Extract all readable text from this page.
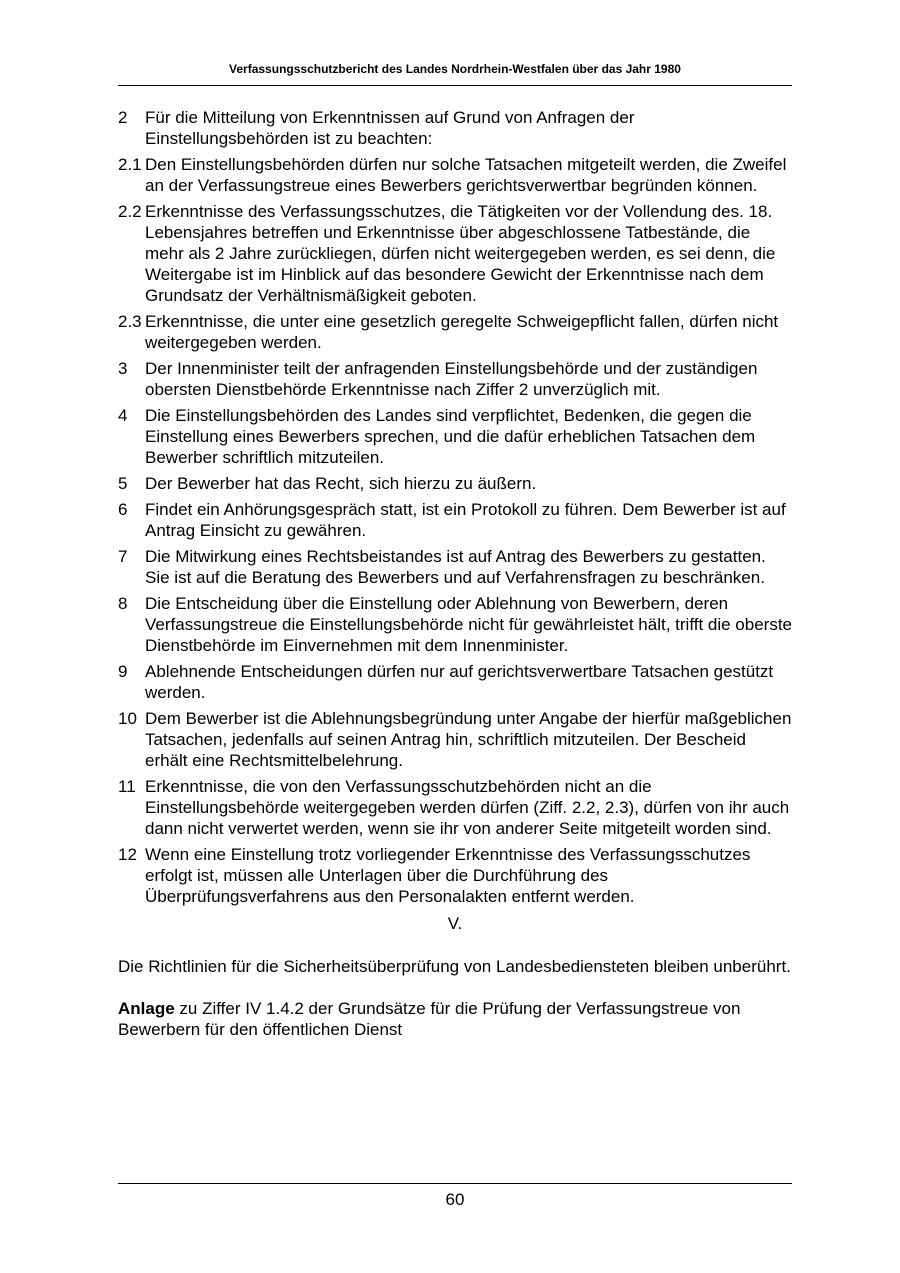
Verfassungsschutzbericht des Landes Nordrhein-Westfalen über das Jahr 1980
2	Für die Mitteilung von Erkenntnissen auf Grund von Anfragen der Einstellungsbehörden ist zu beachten:
2.1 Den Einstellungsbehörden dürfen nur solche Tatsachen mitgeteilt werden, die Zweifel an der Verfassungstreue eines Bewerbers gerichtsverwertbar begründen können.
2.2 Erkenntnisse des Verfassungsschutzes, die Tätigkeiten vor der Vollendung des. 18. Lebensjahres betreffen und Erkenntnisse über abgeschlossene Tatbestände, die mehr als 2 Jahre zurückliegen, dürfen nicht weitergegeben werden, es sei denn, die Weitergabe ist im Hinblick auf das besondere Gewicht der Erkenntnisse nach dem Grundsatz der Verhältnismäßigkeit geboten.
2.3 Erkenntnisse, die unter eine gesetzlich geregelte Schweigepflicht fallen, dürfen nicht weitergegeben werden.
3	Der Innenminister teilt der anfragenden Einstellungsbehörde und der zuständigen obersten Dienstbehörde Erkenntnisse nach Ziffer 2 unverzüglich mit.
4	Die Einstellungsbehörden des Landes sind verpflichtet, Bedenken, die gegen die Einstellung eines Bewerbers sprechen, und die dafür erheblichen Tatsachen dem Bewerber schriftlich mitzuteilen.
5	Der Bewerber hat das Recht, sich hierzu zu äußern.
6	Findet ein Anhörungsgespräch statt, ist ein Protokoll zu führen. Dem Bewerber ist auf Antrag Einsicht zu gewähren.
7	Die Mitwirkung eines Rechtsbeistandes ist auf Antrag des Bewerbers zu gestatten. Sie ist auf die Beratung des Bewerbers und auf Verfahrensfragen zu beschränken.
8	Die Entscheidung über die Einstellung oder Ablehnung von Bewerbern, deren Verfassungstreue die Einstellungsbehörde nicht für gewährleistet hält, trifft die oberste Dienstbehörde im Einvernehmen mit dem Innenminister.
9	Ablehnende Entscheidungen dürfen nur auf gerichtsverwertbare Tatsachen gestützt werden.
10 Dem Bewerber ist die Ablehnungsbegründung unter Angabe der hierfür maßgeblichen Tatsachen, jedenfalls auf seinen Antrag hin, schriftlich mitzuteilen. Der Bescheid erhält eine Rechtsmittelbelehrung.
11 Erkenntnisse, die von den Verfassungsschutzbehörden nicht an die Einstellungsbehörde weitergegeben werden dürfen (Ziff. 2.2, 2.3), dürfen von ihr auch dann nicht verwertet werden, wenn sie ihr von anderer Seite mitgeteilt worden sind.
12 Wenn eine Einstellung trotz vorliegender Erkenntnisse des Verfassungsschutzes erfolgt ist, müssen alle Unterlagen über die Durchführung des Überprüfungsverfahrens aus den Personalakten entfernt werden.
V.
Die Richtlinien für die Sicherheitsüberprüfung von Landesbediensteten bleiben unberührt.
Anlage zu Ziffer IV 1.4.2 der Grundsätze für die Prüfung der Verfassungstreue von Bewerbern für den öffentlichen Dienst
60
